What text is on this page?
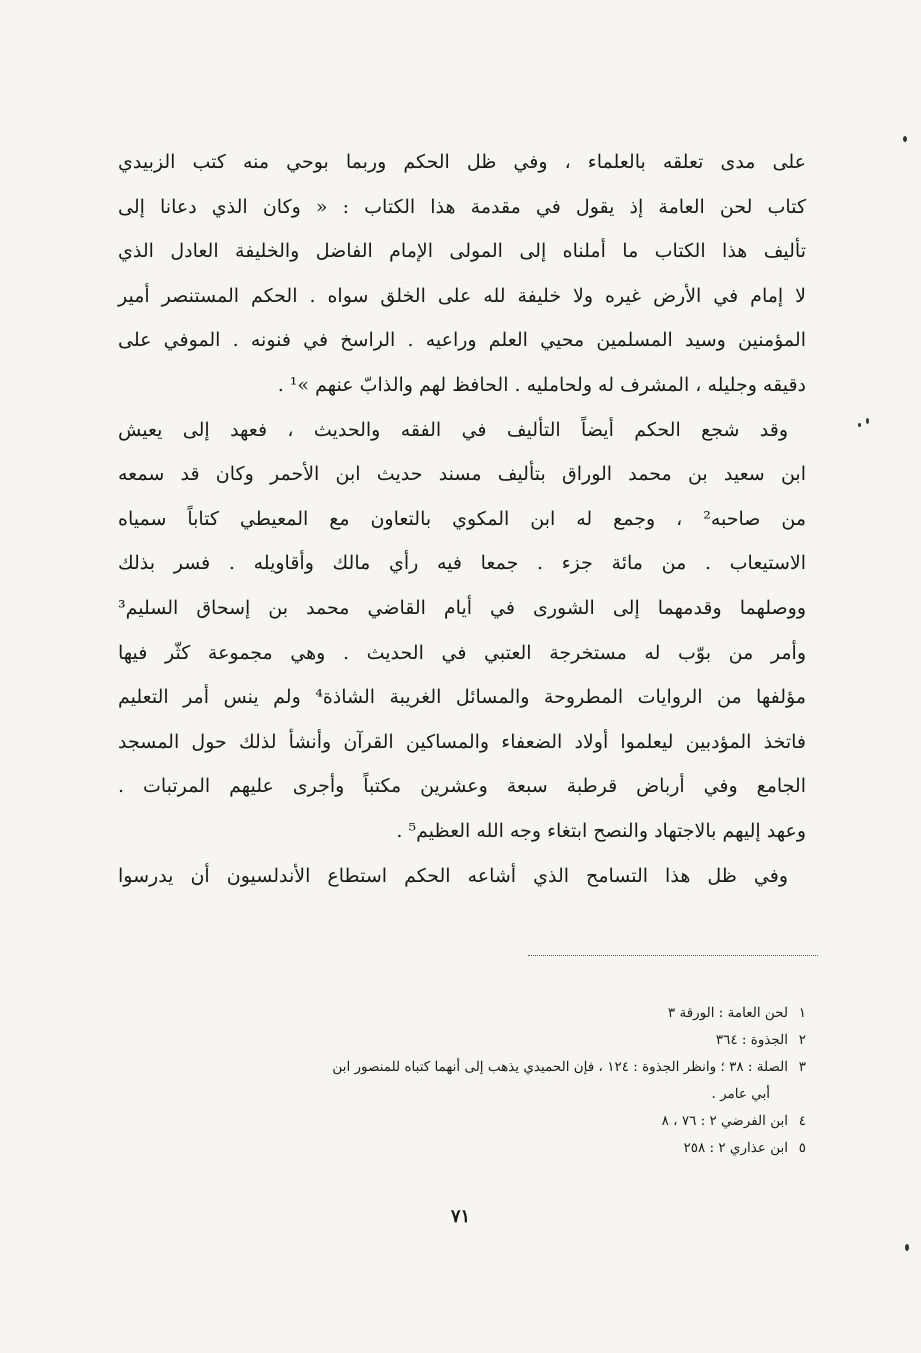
على مدى تعلقه بالعلماء ، وفي ظل الحكم وربما بوحي منه كتب الزبيدي
كتاب لحن العامة إذ يقول في مقدمة هذا الكتاب : « وكان الذي دعانا إلى
تأليف هذا الكتاب ما أملناه إلى المولى الإمام الفاضل والخليفة العادل الذي
لا إمام في الأرض غيره ولا خليفة لله على الخلق سواه . الحكم المستنصر أمير
المؤمنين وسيد المسلمين محيي العلم وراعيه . الراسخ في فنونه . الموفي على
دقيقه وجليله ، المشرف له ولحامليه . الحافظ لهم والذابّ عنهم »¹ .
وقد شجع الحكم أيضاً التأليف في الفقه والحديث ، فعهد إلى يعيش
ابن سعيد بن محمد الوراق بتأليف مسند حديث ابن الأحمر وكان قد سمعه
من صاحبه² ، وجمع له ابن المكوي بالتعاون مع المعيطي كتاباً سمياه
الاستيعاب . من مائة جزء . جمعا فيه رأي مالك وأقاويله . فسر بذلك
ووصلهما وقدمهما إلى الشورى في أيام القاضي محمد بن إسحاق السليم³
وأمر من بوّب له مستخرجة العتبي في الحديث . وهي مجموعة كثّر فيها
مؤلفها من الروايات المطروحة والمسائل الغريبة الشاذة⁴ ولم ينس أمر التعليم
فاتخذ المؤدبين ليعلموا أولاد الضعفاء والمساكين القرآن وأنشأ لذلك حول المسجد
الجامع وفي أرباض قرطبة سبعة وعشرين مكتباً وأجرى عليهم المرتبات .
وعهد إليهم بالاجتهاد والنصح ابتغاء وجه الله العظيم⁵ .
وفي ظل هذا التسامح الذي أشاعه الحكم استطاع الأندلسيون أن يدرسوا
١لحن العامة : الورقة ٣
٢الجذوة : ٣٦٤
٣الصلة : ٣٨ ؛ وانظر الجذوة : ١٢٤ ، فإن الحميدي يذهب إلى أنهما كتباه للمنصور ابن
أبي عامر .
٤ابن الفرضي ٢ : ٧٦ ، ٨
٥ابن عذاري ٢ : ٢٥٨
٧١
